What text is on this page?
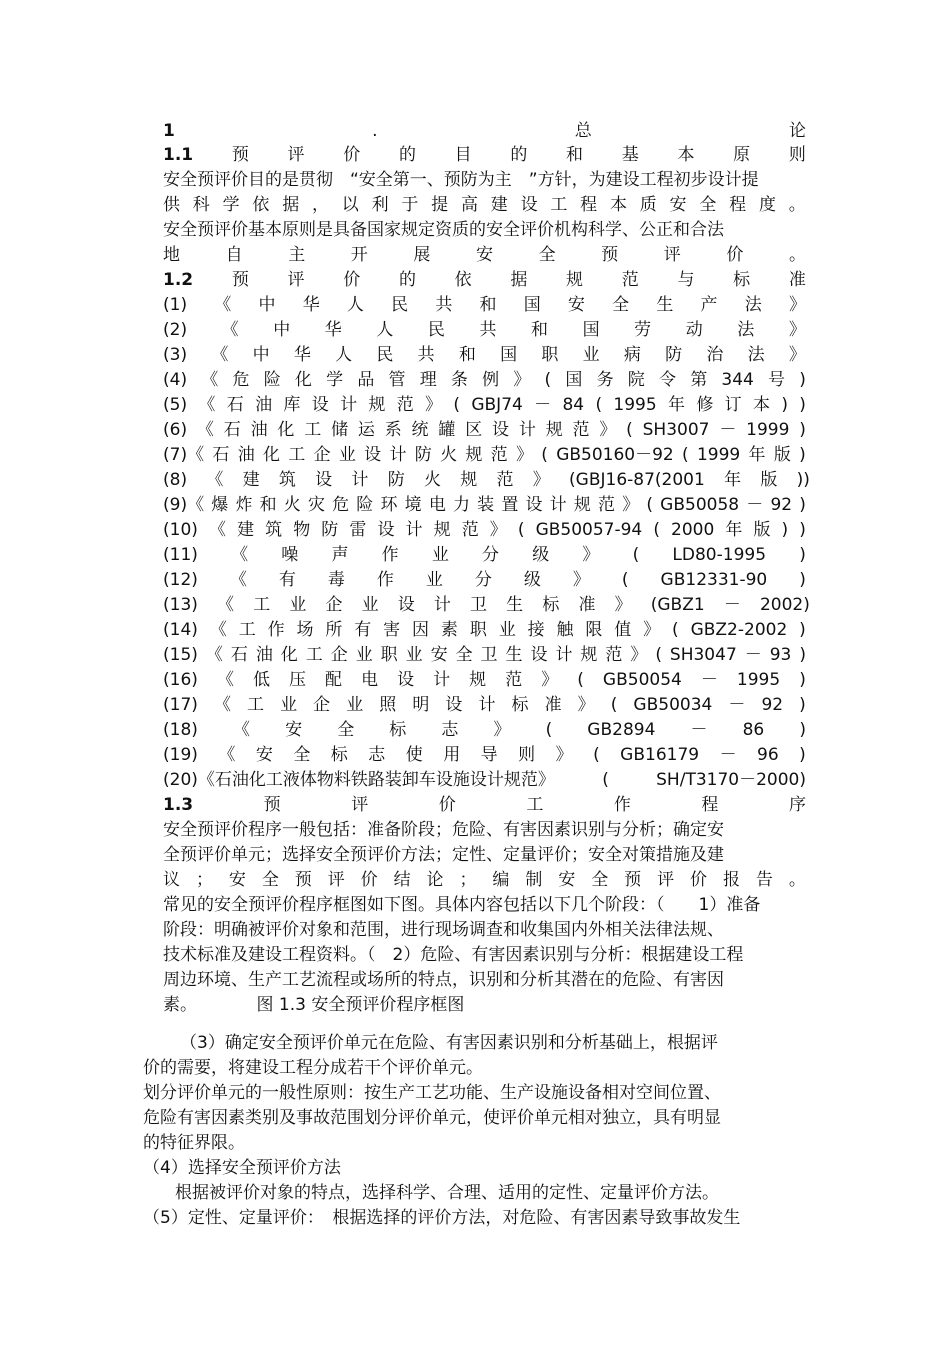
1	.	总	论
1.1 预 评 价 的 目 的 和 基 本 原 则
安全预评价目的是贯彻　“安全第一、预防为主　”方针，为建设工程初步设计提
供 科 学 依 据 ， 以 利 于 提 高 建 设 工 程 本 质 安 全 程 度 。
安全预评价基本原则是具备国家规定资质的安全评价机构科学、公正和合法
地	自	主	开	展	安	全	预	评	价	。
1.2 预 评 价 的 依 据 规 范 与 标 准
(1) 《 中 华 人 民 共 和 国 安 全 生 产 法 》
(2) 《 中 华 人 民 共 和 国 劳 动 法 》
(3) 《 中 华 人 民 共 和 国 职 业 病 防 治 法 》
(4) 《 危 险 化 学 品 管 理 条 例 》 ( 国 务 院 令 第 344 号 )
(5) 《 石 油 库 设 计 规 范 》 ( GBJ74 － 84 ( 1995 年 修 订 本 ) )
(6) 《 石 油 化 工 储 运 系 统 罐 区 设 计 规 范 》 ( SH3007 － 1999 )
(7)《 石 油 化 工 企 业 设 计 防 火 规 范 》 ( GB50160－92 ( 1999 年 版 )
(8) 《 建 筑 设 计 防 火 规 范 》 (GBJ16-87(2001 年 版 ))
(9)《 爆 炸 和 火 灾 危 险 环 境 电 力 装 置 设 计 规 范 》 ( GB50058 － 92 )
(10) 《 建 筑 物 防 雷 设 计 规 范 》 ( GB50057-94 ( 2000 年 版 ) )
(11) 《 噪 声 作 业 分 级 》 ( LD80-1995 )
(12) 《 有 毒 作 业 分 级 》 ( GB12331-90 )
(13) 《 工 业 企 业 设 计 卫 生 标 准 》 (GBZ1 － 2002)
(14) 《 工 作 场 所 有 害 因 素 职 业 接 触 限 值 》 ( GBZ2-2002 )
(15) 《 石 油 化 工 企 业 职 业 安 全 卫 生 设 计 规 范 》 ( SH3047 － 93 )
(16) 《 低 压 配 电 设 计 规 范 》 ( GB50054 － 1995 )
(17) 《 工 业 企 业 照 明 设 计 标 准 》 ( GB50034 － 92 )
(18) 《 安 全 标 志 》 ( GB2894 － 86 )
(19) 《 安 全 标 志 使 用 导 则 》 ( GB16179 － 96 )
(20)《石油化工液体物料铁路装卸车设施设计规范》	(	SH/T3170－2000)
1.3	预	评	价	工	作	程	序
安全预评价程序一般包括：准备阶段；危险、有害因素识别与分析；确定安
全预评价单元；选择安全预评价方法；定性、定量评价；安全对策措施及建
议 ； 安 全 预 评 价 结 论 ； 编 制 安 全 预 评 价 报 告 。
常见的安全预评价程序框图如下图。具体内容包括以下几个阶段：（　　1）准备
阶段：明确被评价对象和范围，进行现场调查和收集国内外相关法律法规、
技术标准及建设工程资料。（　2）危险、有害因素识别与分析：根据建设工程
周边环境、生产工艺流程或场所的特点，识别和分析其潜在的危险、有害因
素。　　　　图 1.3 安全预评价程序框图
（3）确定安全预评价单元在危险、有害因素识别和分析基础上，根据评
价的需要，将建设工程分成若干个评价单元。
划分评价单元的一般性原则：按生产工艺功能、生产设施设备相对空间位置、
危险有害因素类别及事故范围划分评价单元，使评价单元相对独立，具有明显
的特征界限。
（4）选择安全预评价方法
根据被评价对象的特点，选择科学、合理、适用的定性、定量评价方法。
（5）定性、定量评价：　根据选择的评价方法，对危险、有害因素导致事故发生
